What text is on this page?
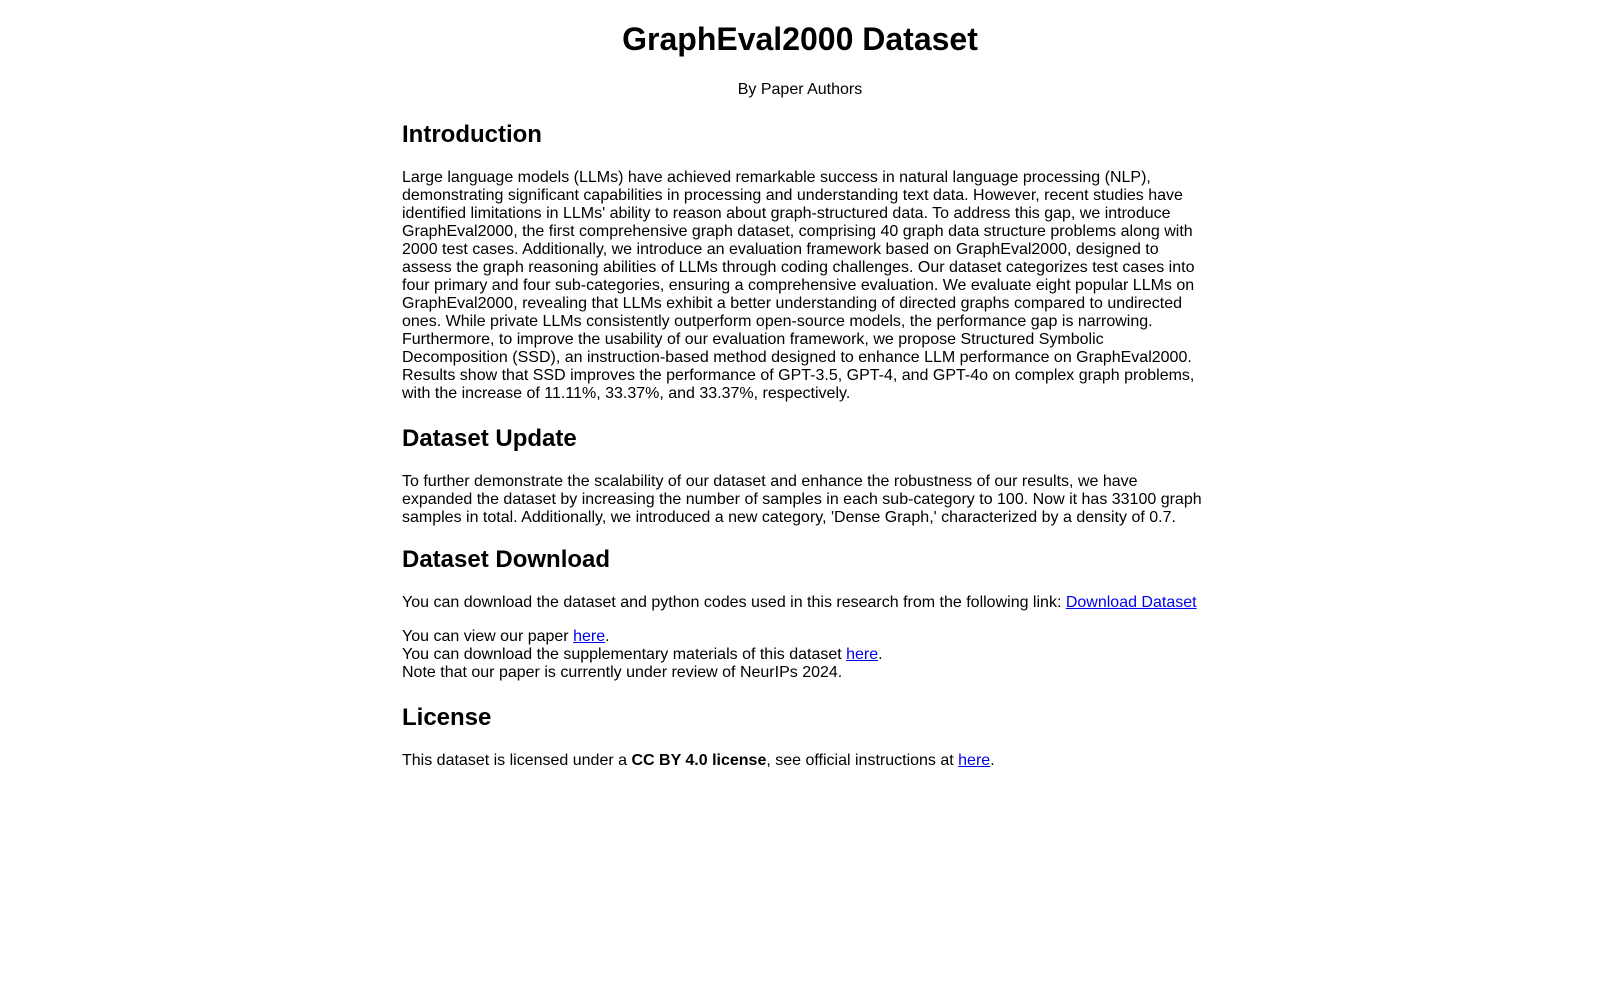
GraphEval2000 Dataset

By Paper Authors

Introduction

Large language models (LLMs) have achieved remarkable success in natural language processing (NLP), demonstrating significant capabilities in processing and understanding text data. However, recent studies have identified limitations in LLMs' ability to reason about graph-structured data. To address this gap, we introduce GraphEval2000, the first comprehensive graph dataset, comprising 40 graph data structure problems along with 2000 test cases. Additionally, we introduce an evaluation framework based on GraphEval2000, designed to assess the graph reasoning abilities of LLMs through coding challenges. Our dataset categorizes test cases into four primary and four sub-categories, ensuring a comprehensive evaluation. We evaluate eight popular LLMs on GraphEval2000, revealing that LLMs exhibit a better understanding of directed graphs compared to undirected ones. While private LLMs consistently outperform open-source models, the performance gap is narrowing. Furthermore, to improve the usability of our evaluation framework, we propose Structured Symbolic Decomposition (SSD), an instruction-based method designed to enhance LLM performance on GraphEval2000. Results show that SSD improves the performance of GPT-3.5, GPT-4, and GPT-4o on complex graph problems, with the increase of 11.11%, 33.37%, and 33.37%, respectively.

Dataset Update

To further demonstrate the scalability of our dataset and enhance the robustness of our results, we have expanded the dataset by increasing the number of samples in each sub-category to 100. Now it has 33100 graph samples in total. Additionally, we introduced a new category, 'Dense Graph,' characterized by a density of 0.7.

Dataset Download

You can download the dataset and python codes used in this research from the following link: Download Dataset

You can view our paper here.
You can download the supplementary materials of this dataset here.
Note that our paper is currently under review of NeurIPs 2024.

License

This dataset is licensed under a CC BY 4.0 license, see official instructions at here.
